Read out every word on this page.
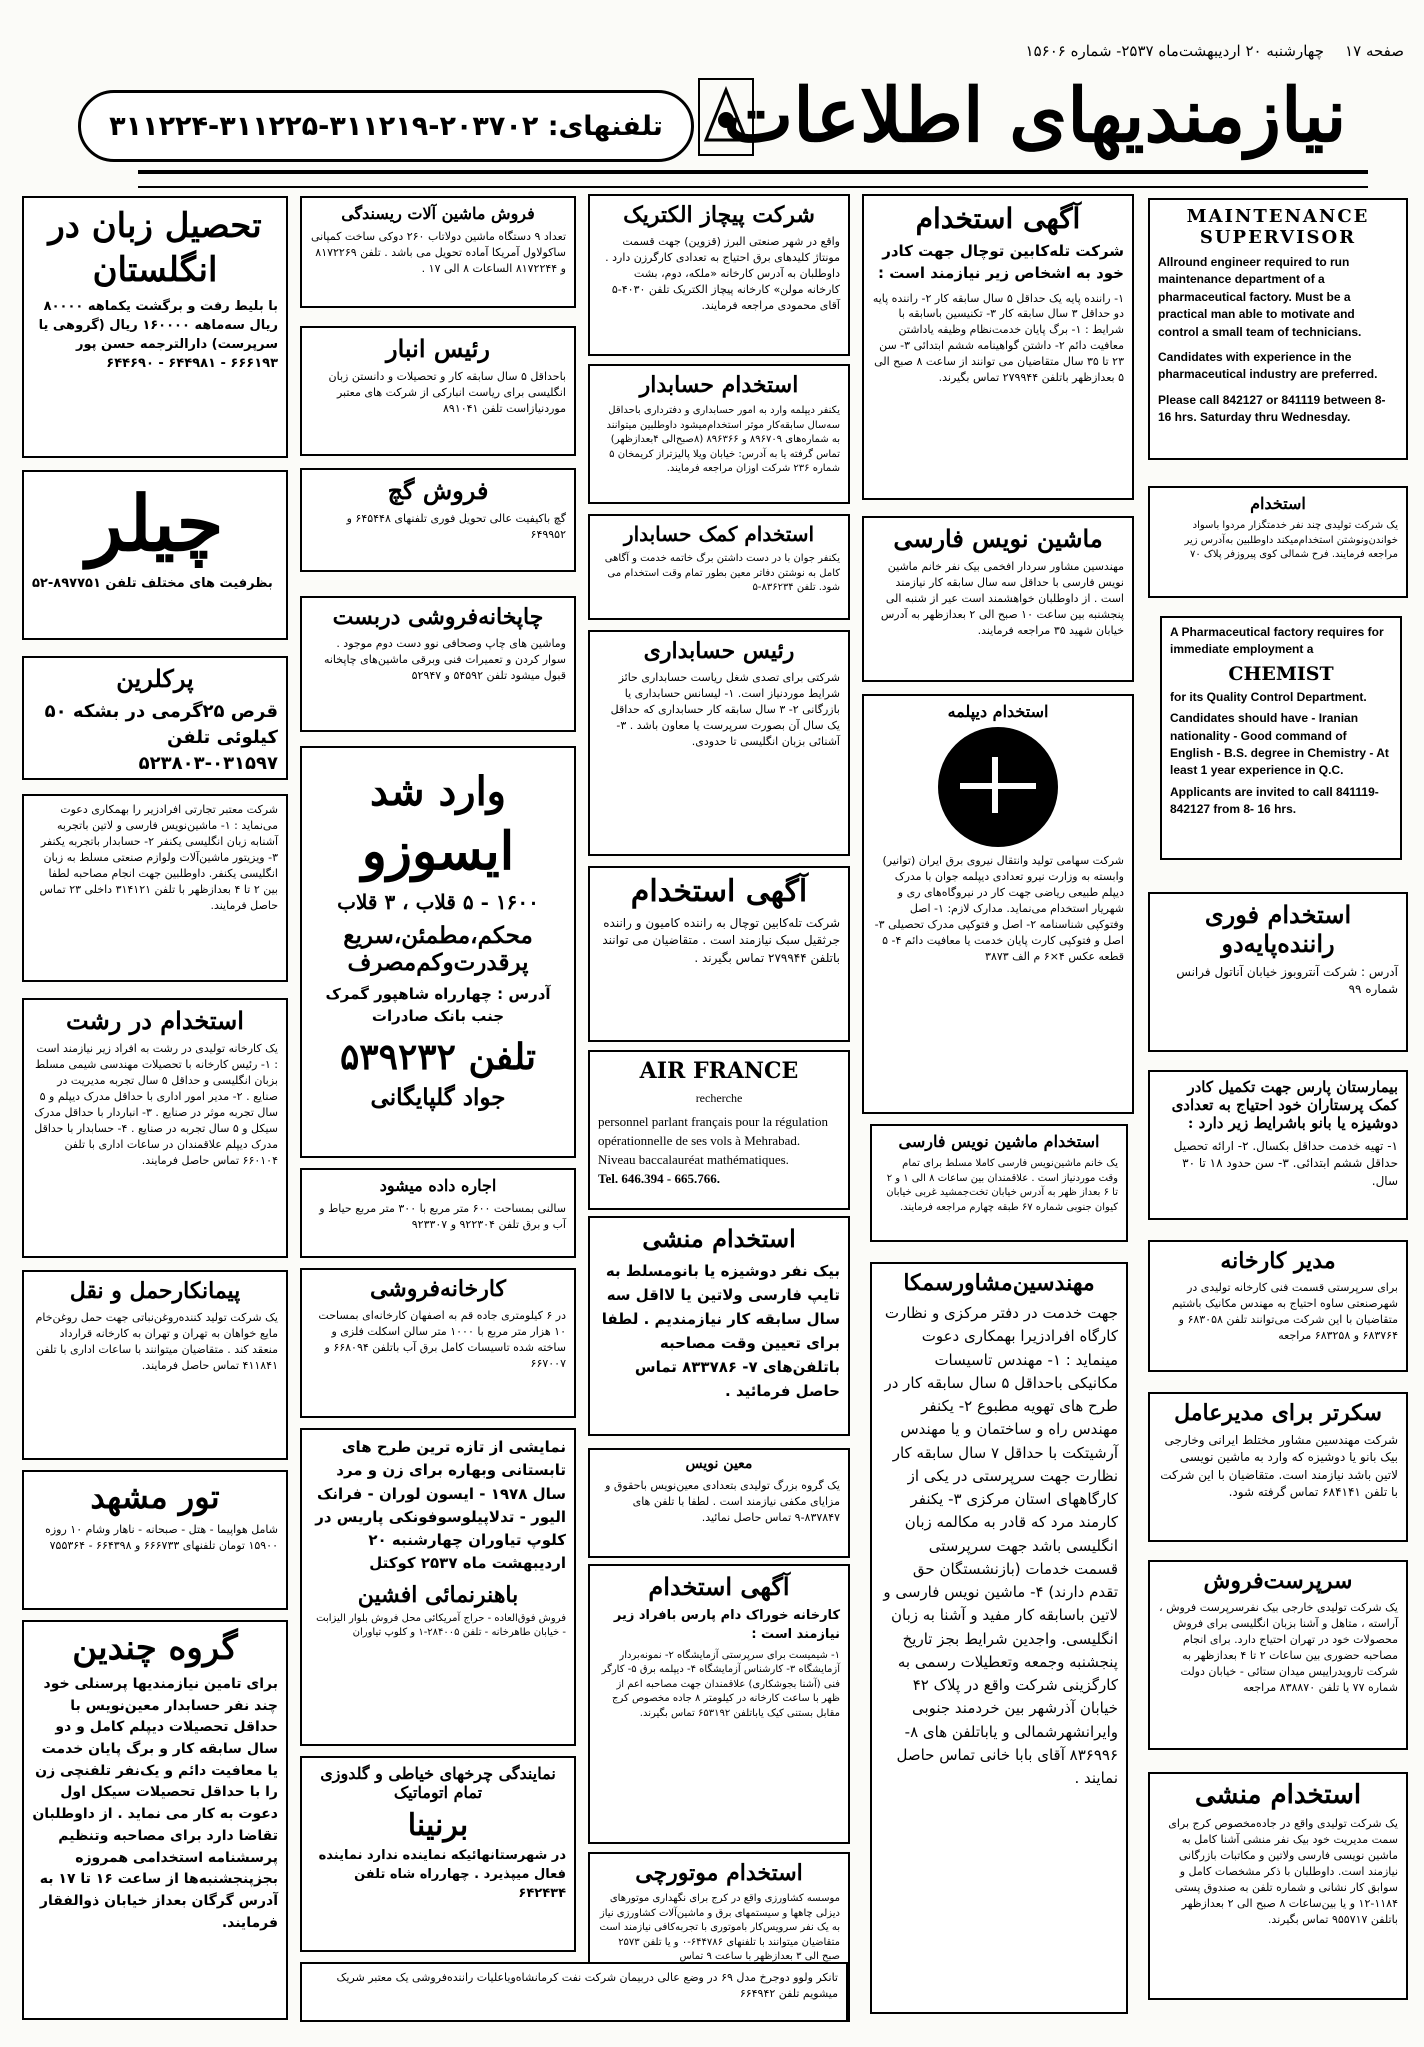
صفحه ۱۷
چهارشنبه ۲۰ اردیبهشت‌ماه ۲۵۳۷- شماره ۱۵۶۰۶
تلفنهای: ۲۰۳۷۰۲-۳۱۱۲۱۹-۳۱۱۲۲۵-۳۱۱۲۲۴ نیازمندیهای اطلاعات
MAINTENANCE SUPERVISOR

Allround engineer required to run maintenance department of a pharmaceutical factory. Must be a practical man able to motivate and control a small team of technicians.

Candidates with experience in the pharmaceutical industry are preferred.

Please call 842127 or 841119 between 8- 16 hrs. Saturday thru Wednesday.

استخدام

یک شرکت تولیدی چند نفر خدمتگزار مردوا باسواد خواندن‌ونوشتن استخدام‌میکند داوطلبین به‌آدرس زیر مراجعه فرمایند. فرح شمالی کوی پیروزفر پلاک ۷۰

A Pharmaceutical factory requires for immediate employment a

CHEMIST

for its Quality Control Department.

Candidates should have - Iranian nationality - Good command of English - B.S. degree in Chemistry - At least 1 year experience in Q.C.

Applicants are invited to call 841119- 842127 from 8- 16 hrs.

استخدام فوری راننده‌پایه‌دو

آدرس : شرکت آنتروبوز خیابان آناتول فرانس شماره ۹۹

بیمارستان پارس جهت تکمیل کادر کمک پرستاران خود احتیاج به تعدادی دوشیزه یا بانو باشرایط زیر دارد :

۱- تهیه خدمت حداقل بکسال. ۲- ارائه تحصیل حداقل ششم ابتدائی. ۳- سن حدود ۱۸ تا ۳۰ سال.

مدیر کارخانه

برای سرپرستی قسمت فنی کارخانه تولیدی در شهرصنعتی ساوه احتیاج به مهندس مکانیک باشتیم متقاضیان با این شرکت می‌توانند تلفن ۶۸۳۰۵۸ و ۶۸۳۷۶۴ و ۶۸۳۲۵۸ مراجعه

سکرتر برای مدیرعامل

شرکت مهندسین مشاور مختلط ایرانی وخارجی بیک بانو یا دوشیزه که وارد به ماشین نویسی لاتین باشد نیازمند است. متقاضیان با این شرکت با تلفن ۶۸۴۱۴۱ تماس گرفته شود.

سرپرست‌فروش

یک شرکت تولیدی خارجی بیک نفرسرپرست فروش ، آراسته ، متاهل و آشنا بزبان انگلیسی برای فروش محصولات خود در تهران احتیاج دارد. برای انجام مصاحبه حضوری بین ساعات ۲ تا ۴ بعدازظهر به شرکت تارویدراییس میدان ستائی - خیابان دولت شماره ۷۷ یا تلفن ۸۳۸۸۷۰ مراجعه

استخدام منشی

یک شرکت تولیدی واقع در جاده‌مخصوص کرج برای سمت مدیریت خود بیک نفر منشی آشنا کامل به ماشین نویسی فارسی ولاتین و مکاتبات بازرگانی نیازمند است. داوطلبان با ذکر مشخصات کامل و سوابق کار نشانی و شماره تلفن به صندوق پستی ۱۱۸۴-۱۲ و یا بین‌ساعات ۸ صبح الی ۲ بعدازظهر باتلفن ۹۵۵۷۱۷ تماس بگیرند.

آگهی استخدام

شرکت تله‌کابین توچال جهت کادر خود به اشخاص زیر نیازمند است :

۱- راننده پایه یک حداقل ۵ سال سابقه کار ۲- راننده پایه دو حداقل ۳ سال سابقه کار ۳- تکنیسین باسابقه با شرایط : ۱- برگ پایان خدمت‌نظام وظیفه یاداشتن معافیت دائم ۲- داشتن گواهینامه ششم ابتدائی ۳- سن ۲۳ تا ۳۵ سال متقاضیان می توانند از ساعت ۸ صبح الی ۵ بعدازظهر باتلفن ۲۷۹۹۴۴ تماس بگیرند.

ماشین نویس فارسی

مهندسین مشاور سردار افخمی بیک نفر خانم ماشین نویس فارسی با حداقل سه سال سابقه کار نیازمند است . از داوطلبان خواهشمند است عیر از شنبه الی پنجشنبه بین ساعت ۱۰ صبح الی ۲ بعدازظهر به آدرس خیابان شهید ۳۵ مراجعه فرمایند.

استخدام دیپلمه

شرکت سهامی تولید وانتقال نیروی برق ایران (توانیر) وابسته به وزارت نیرو تعدادی دیپلمه جوان با مدرک دیپلم طبیعی ریاضی جهت کار در نیروگاه‌های ری و شهریار استخدام می‌نماید. مدارک لازم: ۱- اصل وفتوکپی شناسنامه ۲- اصل و فتوکپی مدرک تحصیلی ۳- اصل و فتوکپی کارت پایان خدمت یا معافیت دائم ۴- ۵ قطعه عکس ۴×۶ م الف ۳۸۷۳

استخدام ماشین نویس فارسی

یک خانم ماشین‌نویس فارسی کاملا مسلط برای تمام وقت موردنیاز است . علاقمندان بین ساعات ۸ الی ۱ و ۲ تا ۶ بعداز ظهر به آدرس خیابان تخت‌جمشید غربی خیابان کیوان جنوبی شماره ۶۷ طبقه چهارم مراجعه فرمایند.

مهندسین‌مشاورسمکا

جهت خدمت در دفتر مرکزی و نظارت کارگاه افرادزیرا بهمکاری دعوت مینماید : ۱- مهندس تاسیسات مکانیکی باحداقل ۵ سال سابقه کار در طرح های تهویه مطبوع ۲- یکنفر مهندس راه و ساختمان و یا مهندس آرشیتکت با حداقل ۷ سال سابقه کار نظارت جهت سرپرستی در یکی از کارگاههای استان مرکزی ۳- یکنفر کارمند مرد که قادر به مکالمه زبان انگلیسی باشد جهت سرپرستی قسمت خدمات (بازنشستگان حق تقدم دارند) ۴- ماشین نویس فارسی و لاتین باسابقه کار مفید و آشنا به زبان انگلیسی. واجدین شرایط بجز تاریخ پنجشنبه وجمعه وتعطیلات رسمی به کارگزینی شرکت واقع در پلاک ۴۲ خیابان آذرشهر بین خردمند جنوبی وایرانشهرشمالی و یاباتلفن های ۸- ۸۳۶۹۹۶ آقای بابا خانی تماس حاصل نمایند .

شرکت پیچاز الکتریک

واقع در شهر صنعتی البرز (قزوین) جهت قسمت مونتاژ کلیدهای برق احتیاج به تعدادی کارگرزن دارد . داوطلبان به آدرس کارخانه «ملکه، دوم، بشت کارخانه مولن‌» کارخانه پیچاز الکتریک تلفن ۴۰۳۰-۵ آقای محمودی مراجعه فرمایند.

استخدام حسابدار

یکنفر دیپلمه وارد به امور حسابداری و دفترداری باحداقل سه‌سال سابقه‌کار موثر استخدام‌میشود داوطلبین میتوانند به شماره‌های ۸۹۶۷۰۹ و ۸۹۶۳۶۶ (۸صبح‌الی ۴بعدازظهر) تماس گرفته یا به آدرس: خیابان ویلا پالیزتراز کریمخان ۵ شماره ۲۳۶ شرکت اوزان مراجعه فرمایند.

استخدام کمک حسابدار

یکنفر جوان با در دست داشتن برگ خاتمه خدمت و آگاهی کامل به نوشتن دفاتر معین بطور تمام وقت استخدام می شود. تلفن ۸۳۶۲۳۴-۵

رئیس حسابداری

شرکتی برای تصدی شغل ریاست حسابداری حائز شرایط موردنیاز است. ۱- لیسانس حسابداری یا بازرگانی ۲- ۳ سال سابقه کار حسابداری که حداقل یک سال آن بصورت سرپرست یا معاون باشد . ۳- آشنائی بزبان انگلیسی تا حدودی.

آگهی استخدام

شرکت تله‌کابین توچال به راننده کامیون و راننده جرثقیل سبک نیازمند است . متقاضیان می توانند باتلفن ۲۷۹۹۴۴ تماس بگیرند .

AIR FRANCE

recherche

personnel parlant français pour la régulation opérationnelle de ses vols à Mehrabad. Niveau baccalauréat mathématiques.

Tel. 646.394 - 665.766.

استخدام منشی

بیک نفر دوشیزه یا بانومسلط به تایپ فارسی ولاتین یا لااقل سه سال سابقه کار نیازمندیم . لطفا برای تعیین وقت مصاحبه باتلفن‌های ۷- ۸۳۳۷۸۶ تماس حاصل فرمائید .

معین نویس

یک گروه بزرگ تولیدی بتعدادی معین‌نویس باحقوق و مزایای مکفی نیازمند است . لطفا با تلفن های ۸۳۷۸۴۷-۹ تماس حاصل نمائید.

آگهی استخدام

کارخانه خوراک دام پارس بافراد زیر نیازمند است :

۱- شیمیست برای سرپرستی آزمایشگاه ۲- نمونه‌بردار آزمایشگاه ۳- کارشناس آزمایشگاه ۴- دیپلمه برق ۵- کارگر فنی (آشنا بجوشکاری) علاقمندان جهت مصاحبه اعم از ظهر با ساعت کارخانه در کیلومتر ۸ جاده مخصوص کرج مقابل بستنی کیک یاباتلفن ۶۵۳۱۹۲ تماس بگیرند.

استخدام موتورچی

موسسه کشاورزی واقع در کرج برای نگهداری موتورهای دیزلی چاهها و سیستمهای برق و ماشین‌آلات کشاورزی نیاز به یک نفر سرویس‌کار باموتوری با تجربه‌کافی نیازمند است متقاضیان میتوانند با تلفنهای ۶۴۴۷۸۶-۰ و یا تلفن ۲۵۷۳ صبح الی ۳ بعدازظهر با ساعت ۹ تماس

فروش ماشین آلات ریسندگی

تعداد ۹ دستگاه ماشین دولاتاب ۲۶۰ دوکی ساخت کمپانی ساکولاول آمریکا آماده تحویل می باشد . تلفن ۸۱۷۲۲۶۹ و ۸۱۷۲۲۴۴ الساعات ۸ الی ۱۷ .

رئیس انبار

باحداقل ۵ سال سابقه کار و تحصیلات و دانستن زبان انگلیسی برای ریاست انبارکی از شرکت های معتبر موردنیازاست تلفن ۸۹۱۰۴۱

فروش گچ

گچ باکیفیت عالی تحویل فوری تلفنهای ۶۴۵۴۴۸ و ۶۴۹۹۵۲

چاپخانه‌فروشی دربست

وماشین های چاپ وصحافی نوو دست دوم موجود . سوار کردن و تعمیرات فنی وبرقی ماشین‌های چاپخانه قبول میشود تلفن ۵۴۵۹۲ و ۵۲۹۴۷

وارد شد
ایسوزو
۱۶۰۰ - ۵ قلاب ، ۳ قلاب
محکم،مطمئن،سریع پرقدرت‌وکم‌مصرف

آدرس : چهارراه شاهپور گمرک جنب بانک صادرات

تلفن ۵۳۹۲۳۲
جواد گلپایگانی
اجاره داده میشود

سالنی بمساحت ۶۰۰ متر مربع با ۳۰۰ متر مربع حیاط و آب و برق تلفن ۹۲۲۳۰۴ و ۹۲۳۳۰۷

کارخانه‌فروشی

در ۶ کیلومتری جاده قم به اصفهان کارخانه‌ای بمساحت ۱۰ هزار متر مربع با ۱۰۰۰ متر سالن اسکلت فلزی و ساخته شده تاسیسات کامل برق آب باتلفن ۶۶۸۰۹۴ و ۶۶۷۰۰۷

نمایشی از تازه ترین طرح های تابستانی وبهاره برای زن و مرد سال ۱۹۷۸ - ایسون لوران - فرانک الیور - تدلاپیلوسوفونکی پاریس در کلوپ تیاوران چهارشنبه ۲۰ اردیبهشت ماه ۲۵۳۷ کوکتل

باهنرنمائی افشین

فروش فوق‌العاده - حراج آمریکائی محل فروش بلوار الیزابت - خیابان طاهرخانه - تلفن ۲۸۴۰۰۵-۱ و کلوپ تیاوران

نمایندگی چرخهای خیاطی و گلدوزی تمام اتوماتیک
برنینا

در شهرستانهائیکه نماینده ندارد نماینده فعال میپذیرد . چهارراه شاه تلفن ۶۴۲۴۳۴

تانکر ولوو دوجرخ مدل ۶۹ در وضع عالی دربیمان شرکت نفت کرمانشاه‌ویاعلیات راننده‌فروشی یک معتبر شریک میشویم تلفن ۶۶۴۹۴۲

تحصیل زبان در انگلستان

با بلیط رفت و برگشت یکماهه ۸۰۰۰۰ ریال سه‌ماهه ۱۶۰۰۰۰ ریال (گروهی یا سرپرست) دارالترجمه حسن پور ۶۶۶۱۹۳ - ۶۴۴۹۸۱ - ۶۴۴۶۹۰

چیلر

بظرفیت های مختلف تلفن ۸۹۷۷۵۱-۵۲

پرکلرین

قرص ۲۵گرمی در بشکه ۵۰ کیلوئی تلفن ۰۳۱۵۹۷-۵۲۳۸۰۳

شرکت معتبر تجارتی افرادزیر را بهمکاری دعوت می‌نماید : ۱- ماشین‌نویس فارسی و لاتین باتجربه آشنابه زبان انگلیسی یکنفر ۲- حسابدار باتجربه یکنفر ۳- ویزیتور ماشین‌آلات ولوازم صنعتی مسلط به زبان انگلیسی یکنفر. داوطلبین جهت انجام مصاحبه لطفا بین ۲ تا ۴ بعدازظهر با تلفن ۳۱۴۱۲۱ داخلی ۲۳ تماس حاصل فرمایند.

استخدام در رشت

یک کارخانه تولیدی در رشت به افراد زیر نیازمند است : ۱- رئیس کارخانه با تحصیلات مهندسی شیمی مسلط بزبان انگلیسی و حداقل ۵ سال تجربه مدیریت در صنایع . ۲- مدیر امور اداری با حداقل مدرک دیپلم و ۵ سال تجربه موثر در صنایع . ۳- انباردار با حداقل مدرک سیکل و ۵ سال تجربه در صنایع . ۴- حسابدار با حداقل مدرک دیپلم علاقمندان در ساعات اداری با تلفن ۶۶۰۱۰۴ تماس حاصل فرمایند.

پیمانکارحمل و نقل

یک شرکت تولید کننده‌روغن‌نباتی جهت حمل روغن‌خام مایع خواهان به تهران و تهران به کارخانه قرارداد منعقد کند . متقاضیان میتوانند با ساعات اداری با تلفن ۴۱۱۸۴۱ تماس حاصل فرمایند.

تور مشهد

شامل هواپیما - هتل - صبحانه - ناهار وشام ۱۰ روزه ۱۵۹۰۰ تومان تلفنهای ۶۶۶۷۳۳ و ۶۶۴۳۹۸ - ۷۵۵۳۶۴

گروه چندین

برای تامین نیازمندیها پرسنلی خود چند نفر حسابدار معین‌نویس با حداقل تحصیلات دیپلم کامل و دو سال سابقه کار و برگ پایان خدمت یا معافیت دائم و یک‌نفر تلفنچی زن را با حداقل تحصیلات سیکل اول دعوت به کار می نماید . از داوطلبان تقاضا دارد برای مصاحبه وتنظیم پرسشنامه استخدامی همروزه بجزپنجشنبه‌ها از ساعت ۱۶ تا ۱۷ به آدرس گرگان بعداز خیابان ذوالفقار فرمایند.
